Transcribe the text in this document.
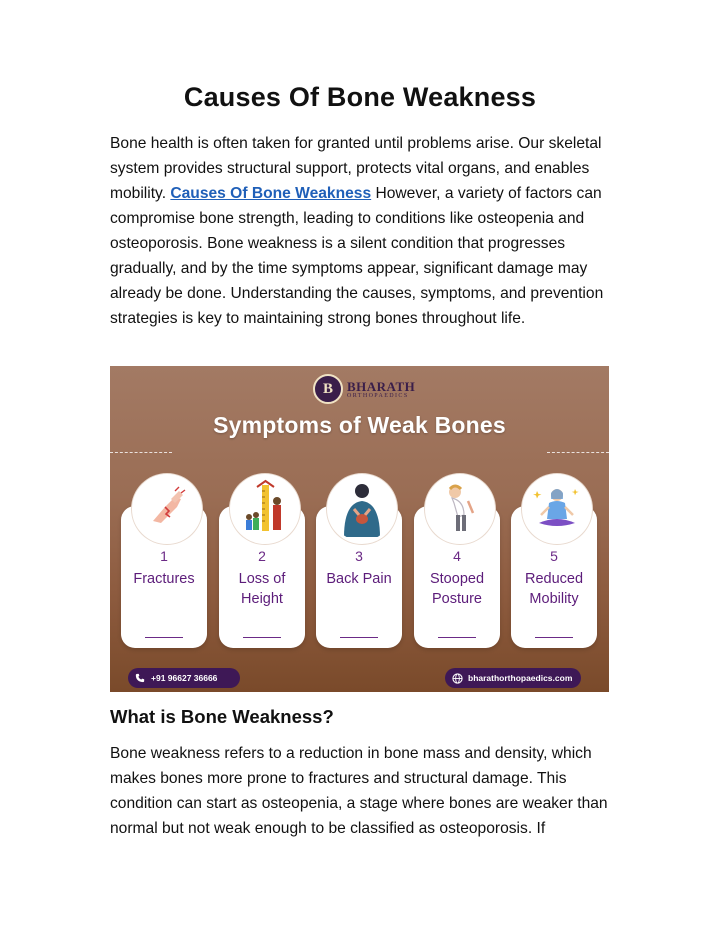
Causes Of Bone Weakness

Bone health is often taken for granted until problems arise. Our skeletal system provides structural support, protects vital organs, and enables mobility. Causes Of Bone Weakness However, a variety of factors can compromise bone strength, leading to conditions like osteopenia and osteoporosis. Bone weakness is a silent condition that progresses gradually, and by the time symptoms appear, significant damage may already be done. Understanding the causes, symptoms, and prevention strategies is key to maintaining strong bones throughout life.

B	BHARATH
ORTHOPAEDICS
Symptoms of Weak Bones
1
Fractures
2
Loss of Height
3
Back Pain
4
Stooped Posture
5
Reduced Mobility
+91 96627 36666	bharathorthopaedics.com
What is Bone Weakness?

Bone weakness refers to a reduction in bone mass and density, which makes bones more prone to fractures and structural damage. This condition can start as osteopenia, a stage where bones are weaker than normal but not weak enough to be classified as osteoporosis. If
